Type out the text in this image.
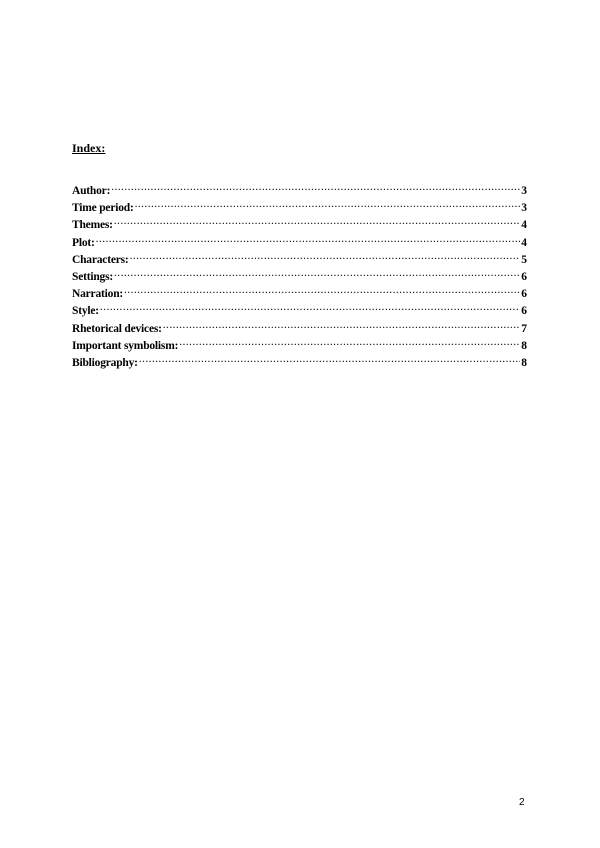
Index:
Author: .....	3
Time period: .....	3
Themes: .....	4
Plot: .....	4
Characters: .....	5
Settings: .....	6
Narration: .....	6
Style: .....	6
Rhetorical devices: .....	7
Important symbolism: .....	8
Bibliography: .....	8
2
